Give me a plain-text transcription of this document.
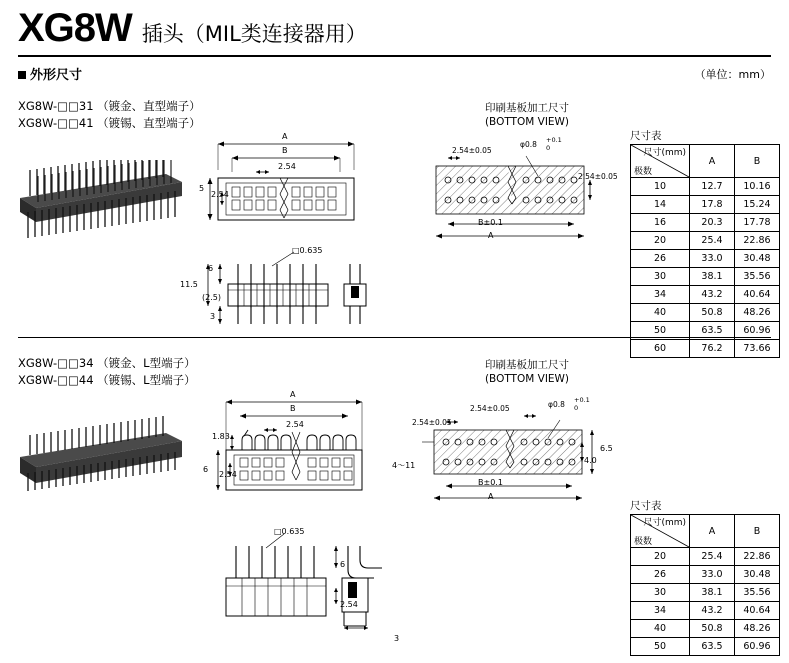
XG8W 插头（MIL类连接器用）
外形尺寸	（单位：mm）
XG8W-□□31 （镀金、直型端子）
XG8W-□□41 （镀锡、直型端子）
A
B
2.54
5
2.54
□0.635
6
11.5
(2.5)
3
印刷基板加工尺寸
(BOTTOM VIEW)
2.54±0.05
φ0.8 +0.1
0
2.54±0.05
B±0.1
A
尺寸表
尺寸(mm)
极数	A	B
10	12.7	10.16
14	17.8	15.24
16	20.3	17.78
20	25.4	22.86
26	33.0	30.48
30	38.1	35.56
34	43.2	40.64
40	50.8	48.26
50	63.5	60.96
60	76.2	73.66
XG8W-□□34 （镀金、L型端子）
XG8W-□□44 （镀锡、L型端子）
A
B
2.54
1.83
6
2.54
□0.635
6
2.54
3
印刷基板加工尺寸
(BOTTOM VIEW)
2.54±0.05
2.54±0.05	φ0.8 +0.1
0
4～11
4.0
6.5
B±0.1
A
尺寸表
尺寸(mm)
极数	A	B
20	25.4	22.86
26	33.0	30.48
30	38.1	35.56
34	43.2	40.64
40	50.8	48.26
50	63.5	60.96
